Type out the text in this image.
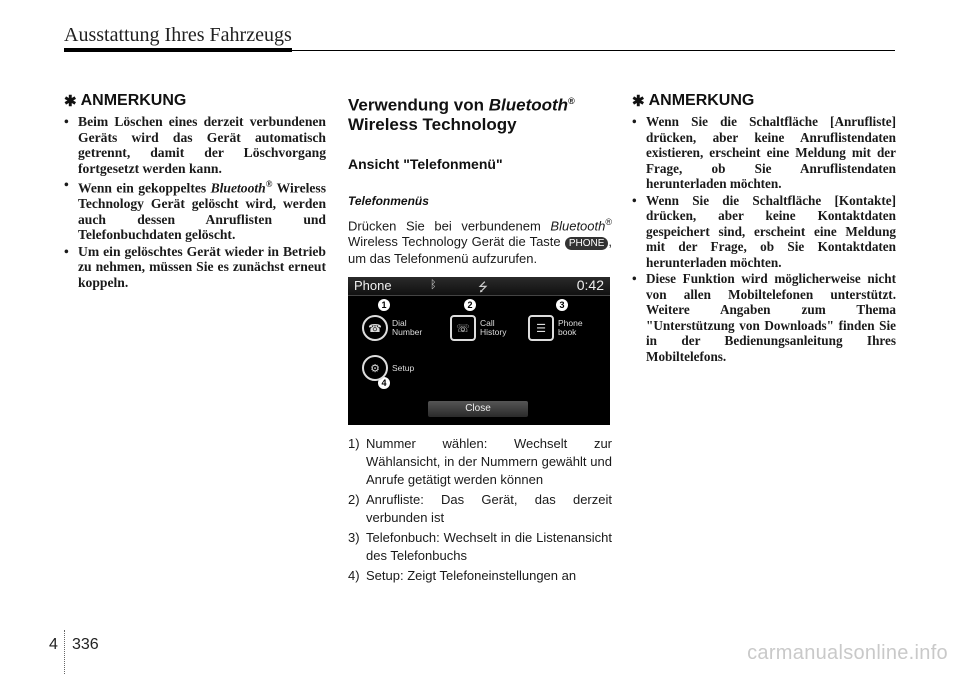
Ausstattung Ihres Fahrzeugs
✱ ANMERKUNG
• Beim Löschen eines derzeit verbundenen Geräts wird das Gerät automatisch getrennt, damit der Löschvorgang fortgesetzt werden kann.
• Wenn ein gekoppeltes Bluetooth® Wireless Technology Gerät gelöscht wird, werden auch dessen Anruflisten und Telefonbuchdaten gelöscht.
• Um ein gelöschtes Gerät wieder in Betrieb zu nehmen, müssen Sie es zunächst erneut koppeln.
Verwendung von Bluetooth®
Wireless Technology
Ansicht "Telefonmenü"
Telefonmenüs

Drücken Sie bei verbundenem Bluetooth® Wireless Technology Gerät die Taste PHONE , um das Telefonmenü aufzurufen.

Phone	ᛒ	⭍	0:42
1	2	3
4
☎	Dial
Number	☏	Call
History	☰	Phone
book
⚙	Setup
Close
1) Nummer wählen: Wechselt zur Wählansicht, in der Nummern gewählt und Anrufe getätigt werden können
2) Anrufliste: Das Gerät, das derzeit verbunden ist
3) Telefonbuch: Wechselt in die Listenansicht des Telefonbuchs
4) Setup: Zeigt Telefoneinstellungen an
✱ ANMERKUNG
• Wenn Sie die Schaltfläche [Anrufliste] drücken, aber keine Anruflistendaten existieren, erscheint eine Meldung mit der Frage, ob Sie Anruflistendaten herunterladen möchten.
• Wenn Sie die Schaltfläche [Kontakte] drücken, aber keine Kontaktdaten gespeichert sind, erscheint eine Meldung mit der Frage, ob Sie Kontaktdaten herunterladen möchten.
• Diese Funktion wird möglicherweise nicht von allen Mobiltelefonen unterstützt. Weitere Angaben zum Thema "Unterstützung von Downloads" finden Sie in der Bedienungsanleitung Ihres Mobiltelefons.
4 336	carmanualsonline.info
